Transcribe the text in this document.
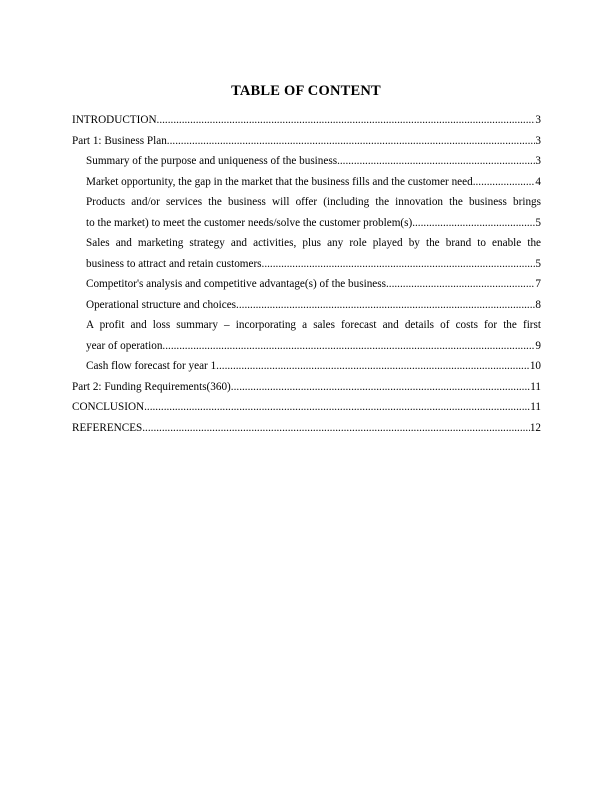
TABLE OF CONTENT
INTRODUCTION .....	3
Part 1: Business Plan .....	3
Summary of the purpose and uniqueness of the business .....	3
Market opportunity, the gap in the market that the business fills and the customer need .....	4
Products and/or services the business will offer (including the innovation the business brings
to the market) to meet the customer needs/solve the customer problem(s) .....	5
Sales and marketing strategy and activities, plus any role played by the brand to enable the
business to attract and retain customers .....	5
Competitor's analysis and competitive advantage(s) of the business .....	7
Operational structure and choices .....	8
A profit and loss summary – incorporating a sales forecast and details of costs for the first
year of operation .....	9
Cash flow forecast for year 1 .....	10
Part 2: Funding Requirements(360) .....	11
CONCLUSION .....	11
REFERENCES .....	12
